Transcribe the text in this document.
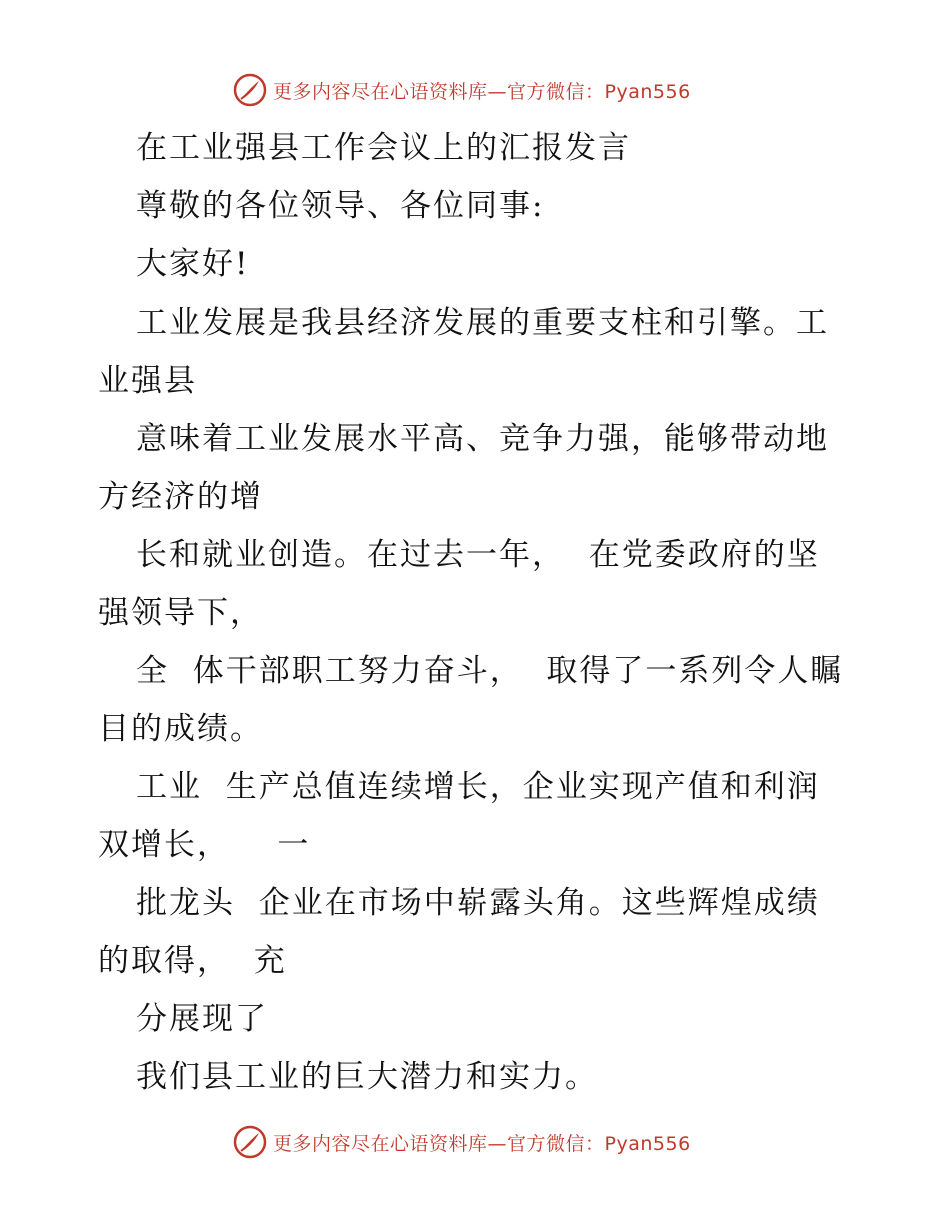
更多内容尽在心语资料库—官方微信：Pyan556
在工业强县工作会议上的汇报发言
尊敬的各位领导、各位同事:
大家好!
工业发展是我县经济发展的重要支柱和引擎。工
业强县
意味着工业发展水平高、竞争力强，能够带动地
方经济的增
长和就业创造。在过去一年，  在党委政府的坚
强领导下，
全  体干部职工努力奋斗，  取得了一系列令人瞩
目的成绩。
工业  生产总值连续增长，企业实现产值和利润
双增长，    一
批龙头  企业在市场中崭露头角。这些辉煌成绩
的取得，  充
分展现了
我们县工业的巨大潜力和实力。
更多内容尽在心语资料库—官方微信：Pyan556
